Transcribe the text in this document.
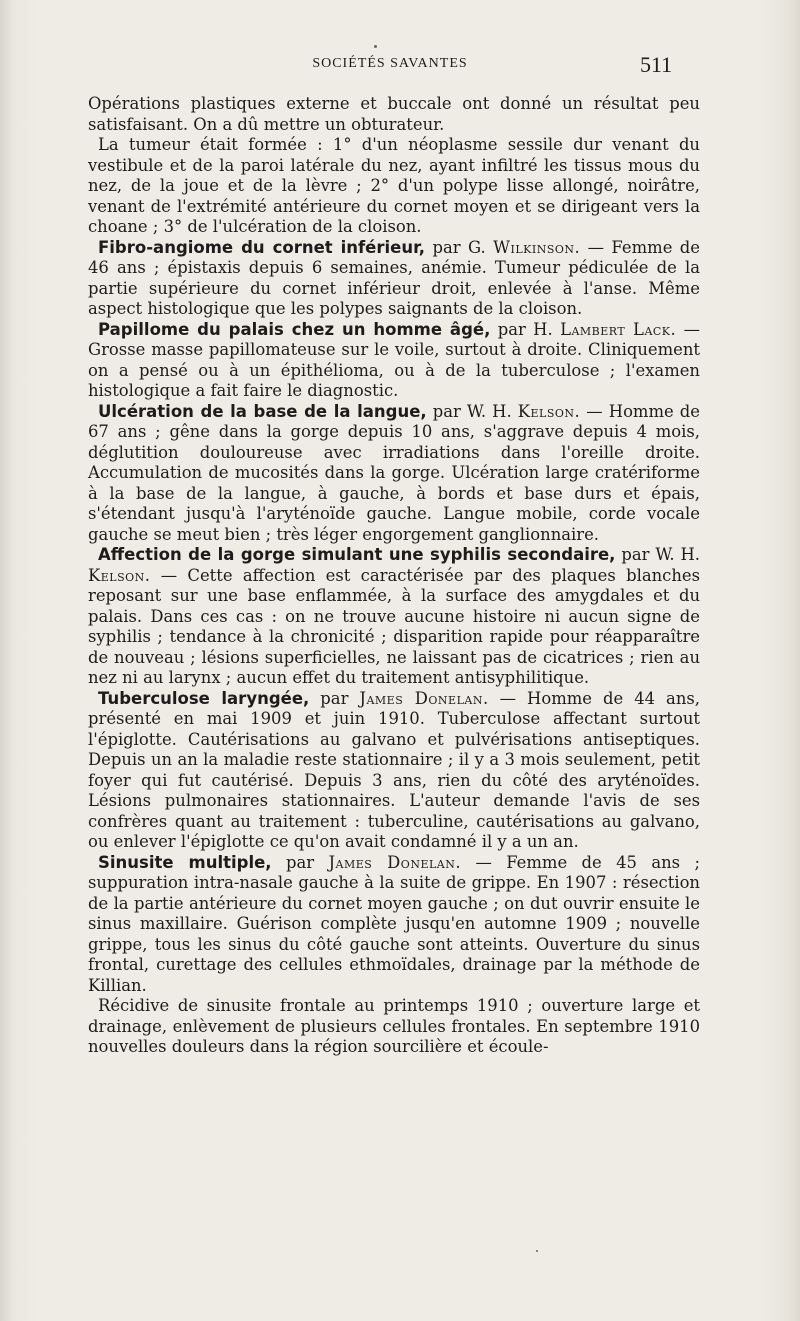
SOCIÉTÉS SAVANTES	511

Opérations plastiques externe et buccale ont donné un résultat peu satisfaisant. On a dû mettre un obturateur.

La tumeur était formée : 1° d'un néoplasme sessile dur venant du vestibule et de la paroi latérale du nez, ayant infiltré les tissus mous du nez, de la joue et de la lèvre ; 2° d'un polype lisse allongé, noirâtre, venant de l'extrémité antérieure du cornet moyen et se dirigeant vers la choane ; 3° de l'ulcération de la cloison.

Fibro-angiome du cornet inférieur, par G. Wilkinson. — Femme de 46 ans ; épistaxis depuis 6 semaines, anémie. Tumeur pédiculée de la partie supérieure du cornet inférieur droit, enlevée à l'anse. Même aspect histologique que les polypes saignants de la cloison.

Papillome du palais chez un homme âgé, par H. Lambert Lack. — Grosse masse papillomateuse sur le voile, surtout à droite. Cliniquement on a pensé ou à un épithélioma, ou à de la tuberculose ; l'examen histologique a fait faire le diagnostic.

Ulcération de la base de la langue, par W. H. Kelson. — Homme de 67 ans ; gêne dans la gorge depuis 10 ans, s'aggrave depuis 4 mois, déglutition douloureuse avec irradiations dans l'oreille droite. Accumulation de mucosités dans la gorge. Ulcération large cratériforme à la base de la langue, à gauche, à bords et base durs et épais, s'étendant jusqu'à l'aryténoïde gauche. Langue mobile, corde vocale gauche se meut bien ; très léger engorgement ganglionnaire.

Affection de la gorge simulant une syphilis secondaire, par W. H. Kelson. — Cette affection est caractérisée par des plaques blanches reposant sur une base enflammée, à la surface des amygdales et du palais. Dans ces cas : on ne trouve aucune histoire ni aucun signe de syphilis ; tendance à la chronicité ; disparition rapide pour réapparaître de nouveau ; lésions superficielles, ne laissant pas de cicatrices ; rien au nez ni au larynx ; aucun effet du traitement antisyphilitique.

Tuberculose laryngée, par James Donelan. — Homme de 44 ans, présenté en mai 1909 et juin 1910. Tuberculose affectant surtout l'épiglotte. Cautérisations au galvano et pulvérisations antiseptiques. Depuis un an la maladie reste stationnaire ; il y a 3 mois seulement, petit foyer qui fut cautérisé. Depuis 3 ans, rien du côté des aryténoïdes. Lésions pulmonaires stationnaires. L'auteur demande l'avis de ses confrères quant au traitement : tuberculine, cautérisations au galvano, ou enlever l'épiglotte ce qu'on avait condamné il y a un an.

Sinusite multiple, par James Donelan. — Femme de 45 ans ; suppuration intra-nasale gauche à la suite de grippe. En 1907 : résection de la partie antérieure du cornet moyen gauche ; on dut ouvrir ensuite le sinus maxillaire. Guérison complète jusqu'en automne 1909 ; nouvelle grippe, tous les sinus du côté gauche sont atteints. Ouverture du sinus frontal, curettage des cellules ethmoïdales, drainage par la méthode de Killian.

Récidive de sinusite frontale au printemps 1910 ; ouverture large et drainage, enlèvement de plusieurs cellules frontales. En septembre 1910 nouvelles douleurs dans la région sourcilière et écoule-
